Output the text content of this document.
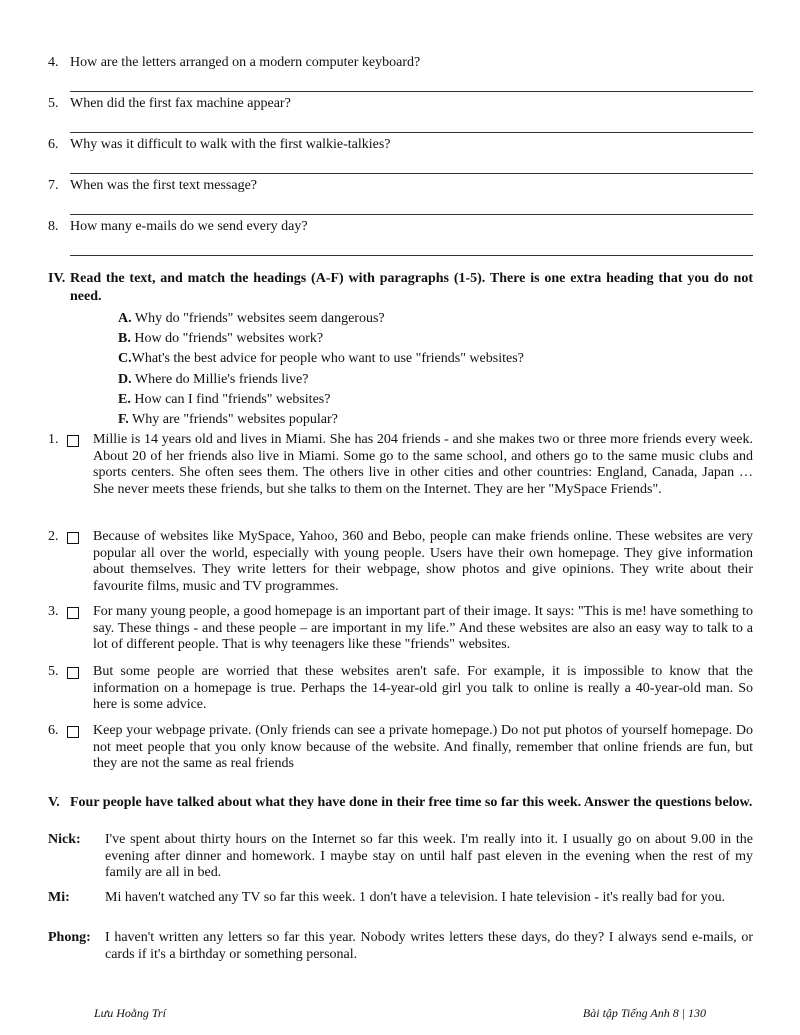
4. How are the letters arranged on a modern computer keyboard?
5. When did the first fax machine appear?
6. Why was it difficult to walk with the first walkie-talkies?
7. When was the first text message?
8. How many e-mails do we send every day?
IV. Read the text, and match the headings (A-F) with paragraphs (1-5). There is one extra heading that you do not need.
A. Why do "friends" websites seem dangerous?
B. How do "friends" websites work?
C.What's the best advice for people who want to use "friends" websites?
D. Where do Millie's friends live?
E. How can I find "friends" websites?
F. Why are "friends" websites popular?
1. Millie is 14 years old and lives in Miami. She has 204 friends - and she makes two or three more friends every week. About 20 of her friends also live in Miami. Some go to the same school, and others go to the same music clubs and sports centers. She often sees them. The others live in other cities and other countries: England, Canada, Japan … She never meets these friends, but she talks to them on the Internet. They are her "MySpace Friends".
2. Because of websites like MySpace, Yahoo, 360 and Bebo, people can make friends online. These websites are very popular all over the world, especially with young people. Users have their own homepage. They give information about themselves. They write letters for their webpage, show photos and give opinions. They write about their favourite films, music and TV programmes.
3. For many young people, a good homepage is an important part of their image. It says: "This is me! have something to say. These things - and these people – are important in my life.” And these websites are also an easy way to talk to a lot of different people. That is why teenagers like these "friends" websites.
5. But some people are worried that these websites aren't safe. For example, it is impossible to know that the information on a homepage is true. Perhaps the 14-year-old girl you talk to online is really a 40-year-old man. So here is some advice.
6. Keep your webpage private. (Only friends can see a private homepage.) Do not put photos of yourself homepage. Do not meet people that you only know because of the website. And finally, remember that online friends are fun, but they are not the same as real friends
V. Four people have talked about what they have done in their free time so far this week. Answer the questions below.
Nick: I've spent about thirty hours on the Internet so far this week. I'm really into it. I usually go on about 9.00 in the evening after dinner and homework. I maybe stay on until half past eleven in the evening when the rest of my family are all in bed.
Mi:	Mi haven't watched any TV so far this week. 1 don't have a television. I hate television - it's really bad for you.
Phong: I haven't written any letters so far this year. Nobody writes letters these days, do they? I always send e-mails, or cards if it's a birthday or something personal.
Lưu Hoằng Trí	Bài tập Tiếng Anh 8 | 130
